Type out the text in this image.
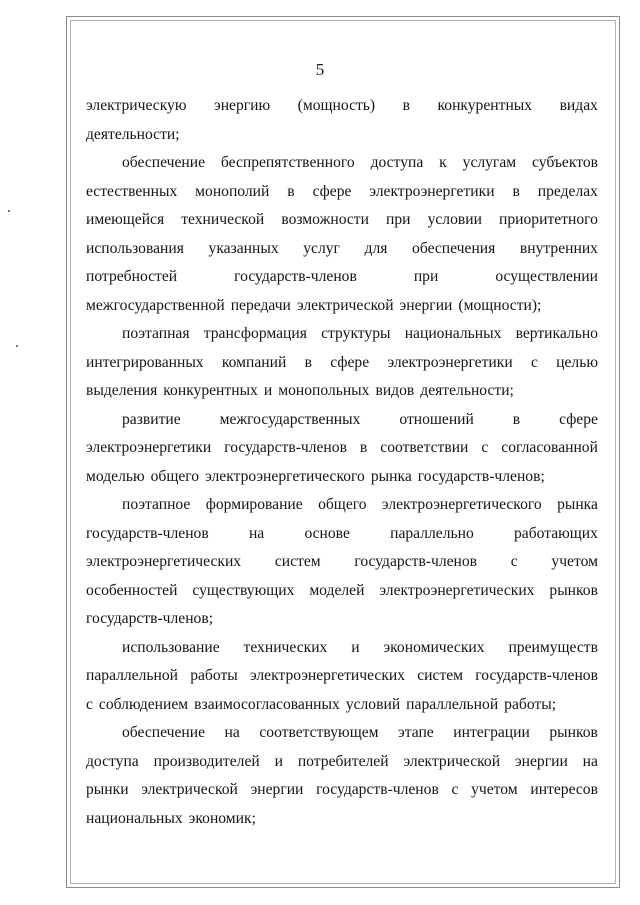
5
электрическую энергию (мощность) в конкурентных видах
деятельности;
обеспечение беспрепятственного доступа к услугам субъектов
естественных монополий в сфере электроэнергетики в пределах
имеющейся технической возможности при условии приоритетного
использования указанных услуг для обеспечения внутренних
потребностей	государств-членов	при	осуществлении
межгосударственной передачи электрической энергии (мощности);
поэтапная трансформация структуры национальных вертикально
интегрированных компаний в сфере электроэнергетики с целью
выделения конкурентных и монопольных видов деятельности;
развитие межгосударственных отношений в сфере
электроэнергетики государств-членов в соответствии с согласованной
моделью общего электроэнергетического рынка государств-членов;
поэтапное формирование общего электроэнергетического рынка
государств-членов	на	основе	параллельно	работающих
электроэнергетических систем государств-членов с учетом
особенностей существующих моделей электроэнергетических рынков
государств-членов;
использование технических и экономических преимуществ
параллельной работы электроэнергетических систем государств-членов
с соблюдением взаимосогласованных условий параллельной работы;
обеспечение на соответствующем этапе интеграции рынков
доступа производителей и потребителей электрической энергии на
рынки электрической энергии государств-членов с учетом интересов
национальных экономик;
